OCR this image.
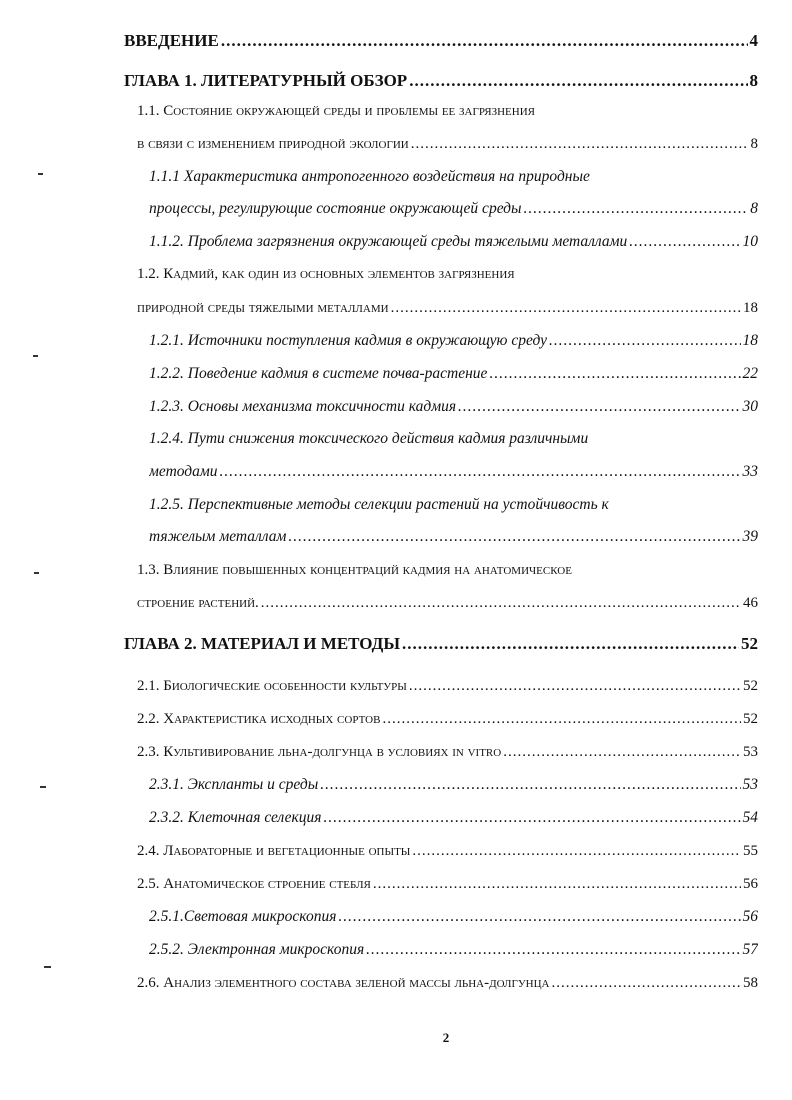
ВВЕДЕНИЕ .....	4
ГЛАВА 1. ЛИТЕРАТУРНЫЙ ОБЗОР .....	8
1.1. Состояние окружающей среды и проблемы ее загрязнения
в связи с изменением природной экологии .....	8
1.1.1 Характеристика антропогенного воздействия на природные
процессы, регулирующие состояние окружающей среды .....	8
1.1.2. Проблема загрязнения окружающей среды тяжелыми металлами .....	10
1.2. Кадмий, как один из основных элементов загрязнения
природной среды тяжелыми металлами .....	18
1.2.1. Источники поступления кадмия в окружающую среду .....	18
1.2.2. Поведение кадмия в системе почва-растение .....	22
1.2.3. Основы механизма токсичности кадмия .....	30
1.2.4. Пути снижения токсического действия кадмия различными
методами .....	33
1.2.5. Перспективные методы селекции растений на устойчивость к
тяжелым металлам .....	39
1.3. Влияние повышенных концентраций кадмия на анатомическое
строение растений. .....	46
ГЛАВА 2. МАТЕРИАЛ И МЕТОДЫ .....	52
2.1. Биологические особенности культуры .....	52
2.2. Характеристика исходных сортов .....	52
2.3. Культивирование льна-долгунца в условиях in vitro .....	53
2.3.1. Экспланты и среды .....	53
2.3.2. Клеточная селекция .....	54
2.4. Лабораторные и вегетационные опыты .....	55
2.5. Анатомическое строение стебля .....	56
2.5.1.Световая микроскопия .....	56
2.5.2. Электронная микроскопия .....	57
2.6. Анализ элементного состава зеленой массы льна-долгунца .....	58
2
